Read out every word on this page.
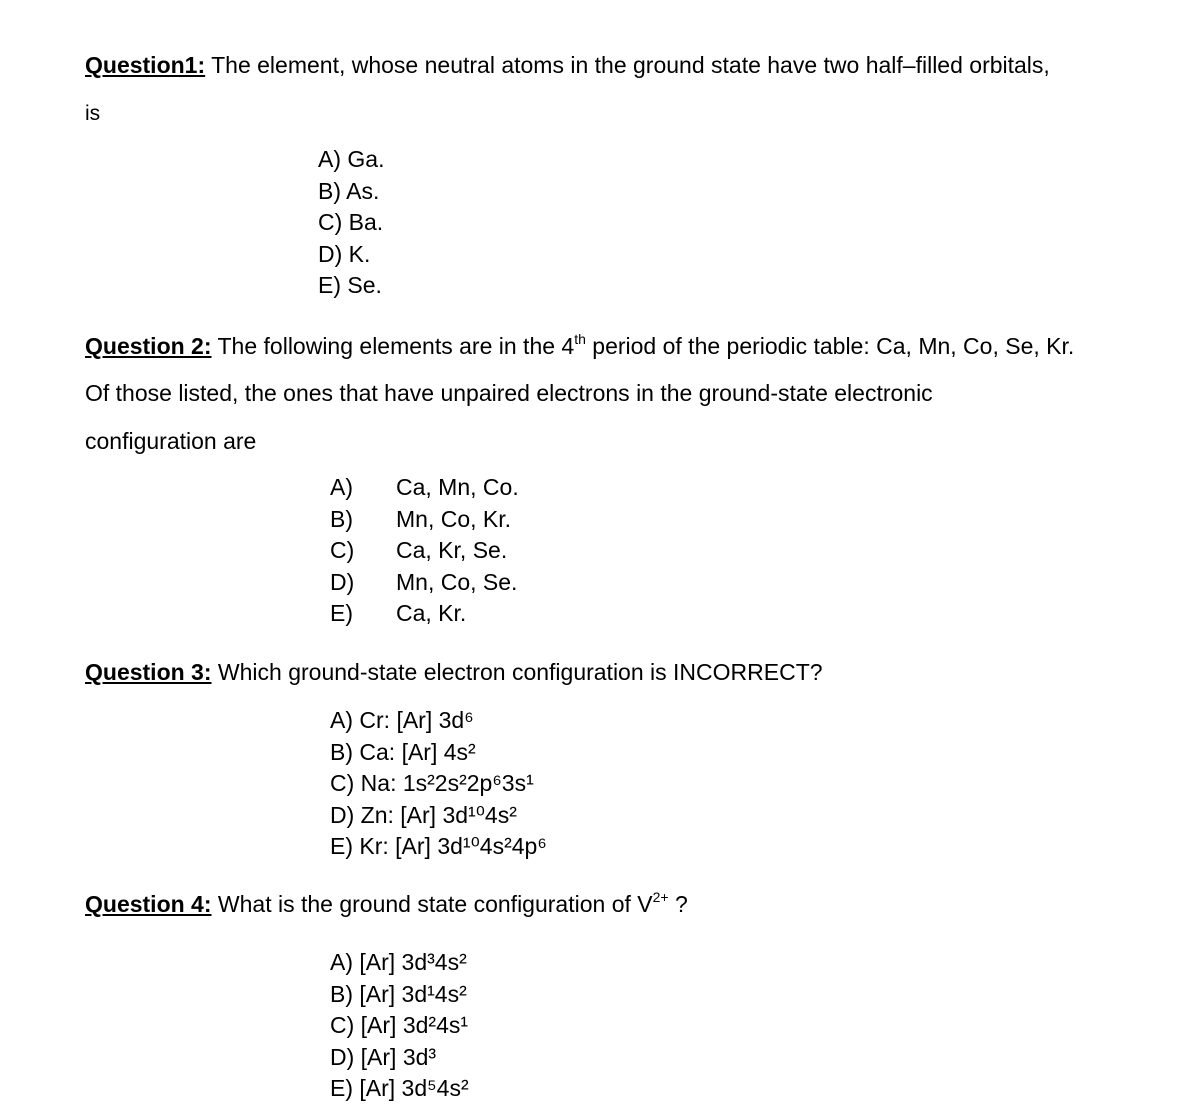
Question1: The element, whose neutral atoms in the ground state have two half–filled orbitals,
is
A) Ga.
B) As.
C) Ba.
D) K.
E) Se.
Question 2: The following elements are in the 4th period of the periodic table: Ca, Mn, Co, Se, Kr.
Of those listed, the ones that have unpaired electrons in the ground-state electronic
configuration are
A) Ca, Mn, Co.
B) Mn, Co, Kr.
C) Ca, Kr, Se.
D) Mn, Co, Se.
E) Ca, Kr.
Question 3: Which ground-state electron configuration is INCORRECT?
A) Cr: [Ar] 3d⁶
B) Ca: [Ar] 4s²
C) Na: 1s²2s²2p⁶3s¹
D) Zn: [Ar] 3d¹⁰4s²
E) Kr: [Ar] 3d¹⁰4s²4p⁶
Question 4: What is the ground state configuration of $V^{2+}$ ?
A) [Ar] 3d³4s²
B) [Ar] 3d¹4s²
C) [Ar] 3d²4s¹
D) [Ar] 3d³
E) [Ar] 3d⁵4s²
